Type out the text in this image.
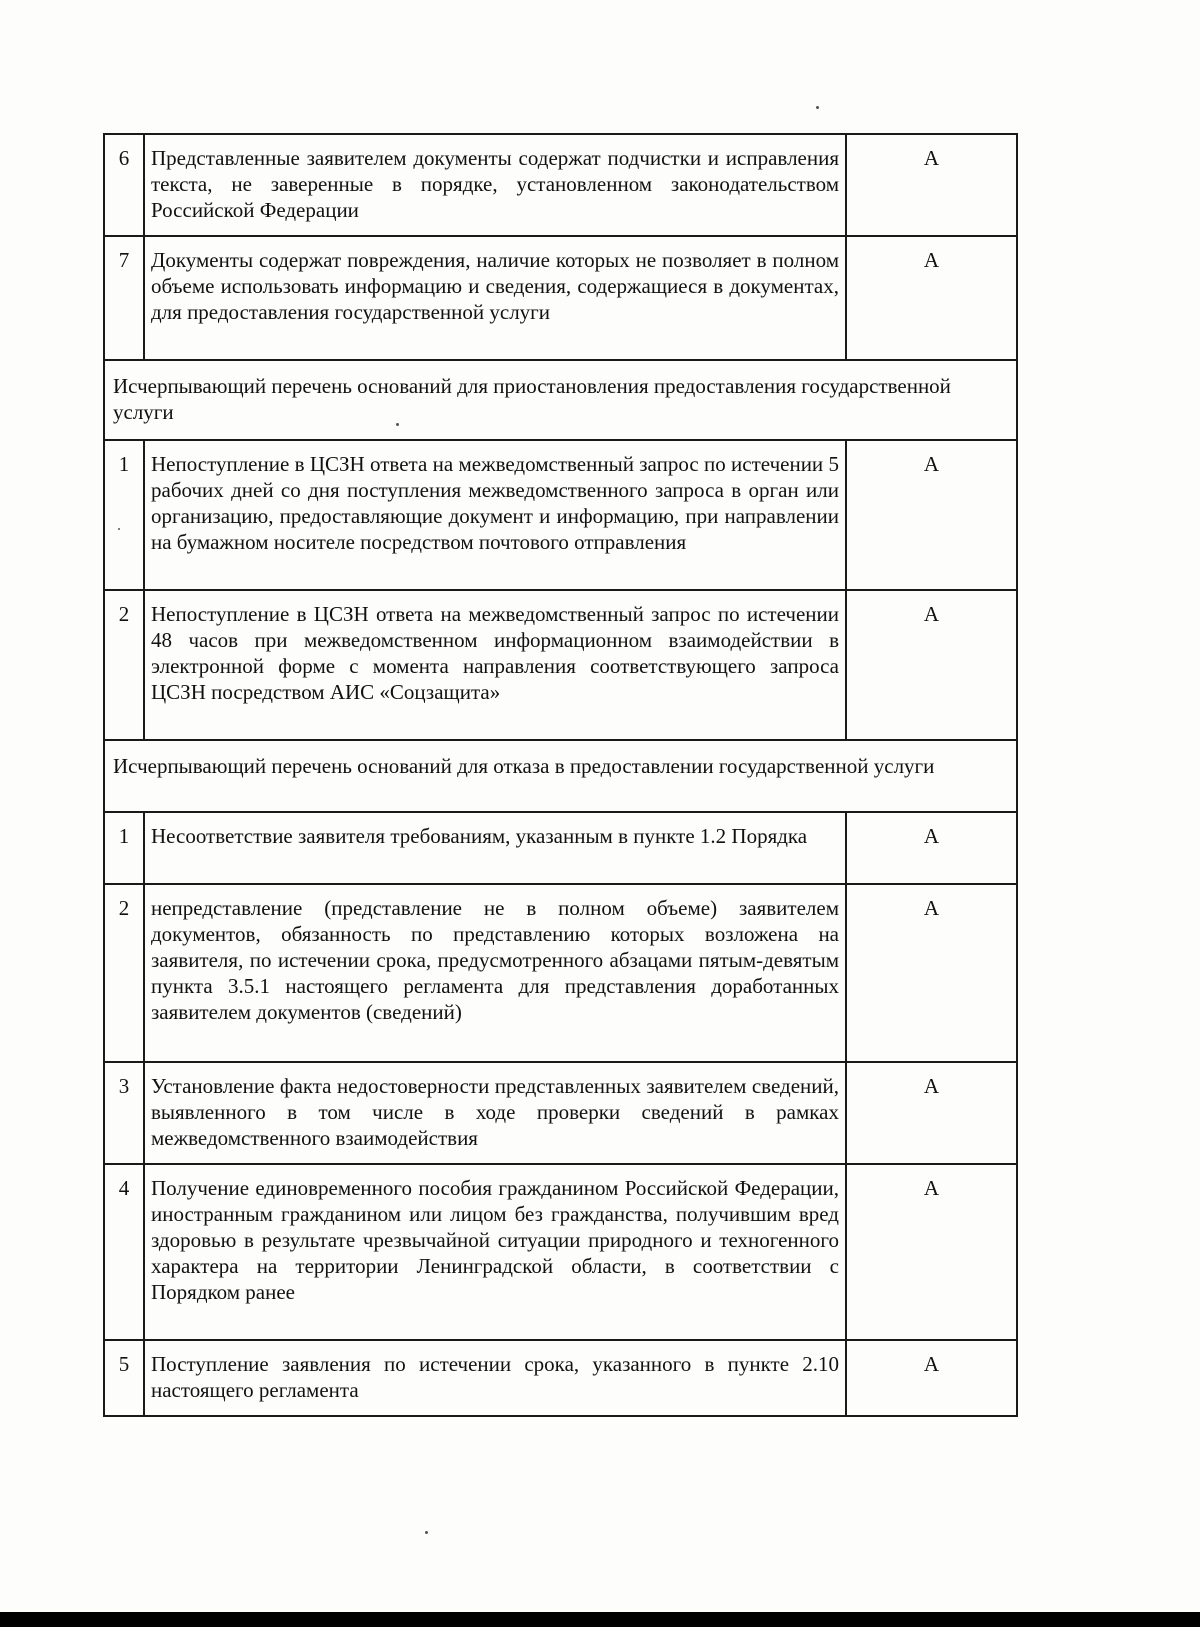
6	Представленные заявителем документы содержат подчистки и исправления текста, не заверенные в порядке, установленном законодательством Российской Федерации	А
7	Документы содержат повреждения, наличие которых не позволяет в полном объеме использовать информацию и сведения, содержащиеся в документах, для предоставления государственной услуги	А
Исчерпывающий перечень оснований для приостановления предоставления государственной услуги		
1	Непоступление в ЦСЗН ответа на межведомственный запрос по истечении 5 рабочих дней со дня поступления межведомственного запроса в орган или организацию, предоставляющие документ и информацию, при направлении на бумажном носителе посредством почтового отправления	А
2	Непоступление в ЦСЗН ответа на межведомственный запрос по истечении 48 часов при межведомственном информационном взаимодействии в электронной форме с момента направления соответствующего запроса ЦСЗН посредством АИС «Соцзащита»	А
Исчерпывающий перечень оснований для отказа в предоставлении государственной услуги		
1	Несоответствие заявителя требованиям, указанным в пункте 1.2 Порядка	А
2	непредставление (представление не в полном объеме) заявителем документов, обязанность по представлению которых возложена на заявителя, по истечении срока, предусмотренного абзацами пятым-девятым пункта 3.5.1 настоящего регламента для представления доработанных заявителем документов (сведений)	А
3	Установление факта недостоверности представленных заявителем сведений, выявленного в том числе в ходе проверки сведений в рамках межведомственного взаимодействия	А
4	Получение единовременного пособия гражданином Российской Федерации, иностранным гражданином или лицом без гражданства, получившим вред здоровью в результате чрезвычайной ситуации природного и техногенного характера на территории Ленинградской области, в соответствии с Порядком ранее	А
5	Поступление заявления по истечении срока, указанного в пункте 2.10 настоящего регламента	А
